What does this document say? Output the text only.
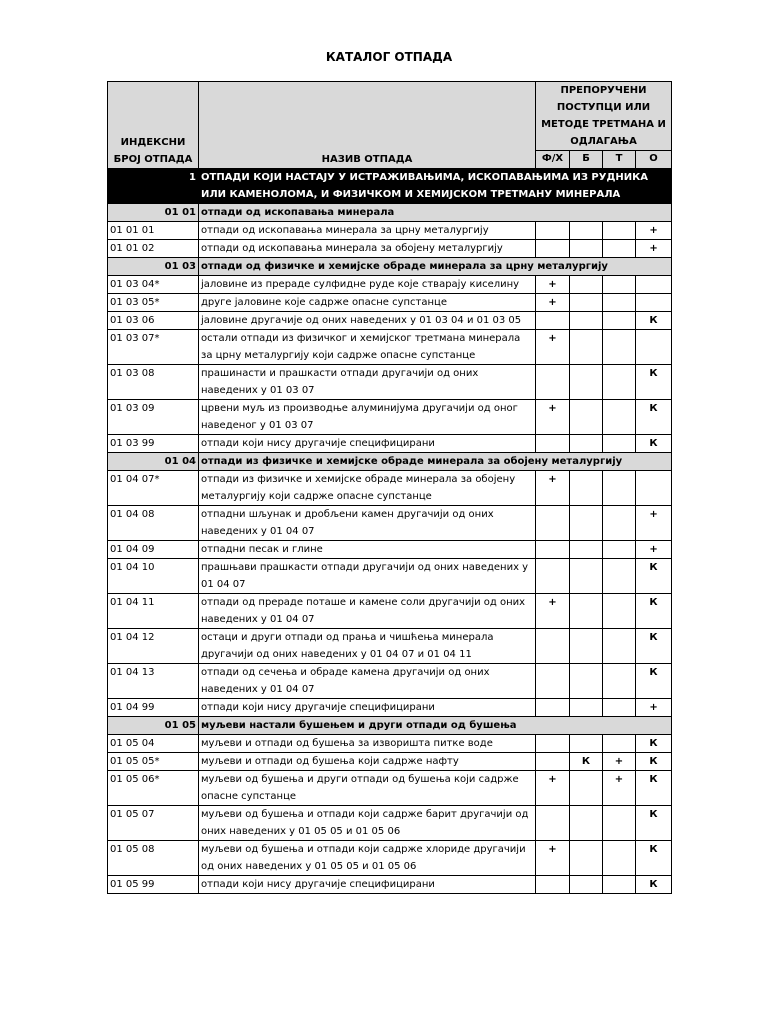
КАТАЛОГ ОТПАДА
ИНДЕКСНИ БРОЈ ОТПАДА	НАЗИВ ОТПАДА	ПРЕПОРУЧЕНИ ПОСТУПЦИ ИЛИ МЕТОДЕ ТРЕТМАНА И ОДЛАГАЊА			
		Ф/Х	Б	Т	О
1	ОТПАДИ КОЈИ НАСТАЈУ У ИСТРАЖИВАЊИМА, ИСКОПАВАЊИМА ИЗ РУДНИКА ИЛИ КАМЕНОЛОМА, И ФИЗИЧКОМ И ХЕМИЈСКОМ ТРЕТМАНУ МИНЕРАЛА				
01 01	отпади од ископавања минерала				
01 01 01	отпади од ископавања минерала за црну металургију				+
01 01 02	отпади од ископавања минерала за обојену металургију				+
01 03	отпади од физичке и хемијске обраде минерала за црну металургију				
01 03 04*	јаловине из прераде сулфидне руде које стварају киселину	+			
01 03 05*	друге јаловине које садрже опасне супстанце	+			
01 03 06	јаловине другачије од оних наведених у 01 03 04 и 01 03 05				К
01 03 07*	остали отпади из физичког и хемијског третмана минерала за црну металургију који садрже опасне супстанце	+			
01 03 08	прашинасти и прашкасти отпади другачији од оних наведених у 01 03 07				К
01 03 09	црвени муљ из производње алуминијума другачији од оног наведеног у 01 03 07	+			К
01 03 99	отпади који нису другачије специфицирани				К
01 04	отпади из физичке и хемијске обраде минерала за обојену металургију				
01 04 07*	отпади из физичке и хемијске обраде минерала за обојену металургију који садрже опасне супстанце	+			
01 04 08	отпадни шљунак и дробљени камен другачији од оних наведених у 01 04 07				+
01 04 09	отпадни песак и глине				+
01 04 10	прашњави прашкасти отпади другачији од оних наведених у 01 04 07				К
01 04 11	отпади од прераде поташе и камене соли другачији од оних наведених у 01 04 07	+			К
01 04 12	остаци и други отпади од прања и чишћења минерала другачији од оних наведених у 01 04 07 и 01 04 11				К
01 04 13	отпади од сечења и обраде камена другачији од оних наведених у 01 04 07				К
01 04 99	отпади који нису другачије специфицирани				+
01 05	муљеви настали бушењем и други отпади од бушења				
01 05 04	муљеви и отпади од бушења за изворишта питке воде				К
01 05 05*	муљеви и отпади од бушења који садрже нафту		К	+	К
01 05 06*	муљеви од бушења и други отпади од бушења који садрже опасне супстанце	+		+	К
01 05 07	муљеви од бушења и отпади који садрже барит другачији од оних наведених у 01 05 05 и 01 05 06				К
01 05 08	муљеви од бушења и отпади који садрже хлориде другачији од оних наведених у 01 05 05 и 01 05 06	+			К
01 05 99	отпади који нису другачије специфицирани				К
